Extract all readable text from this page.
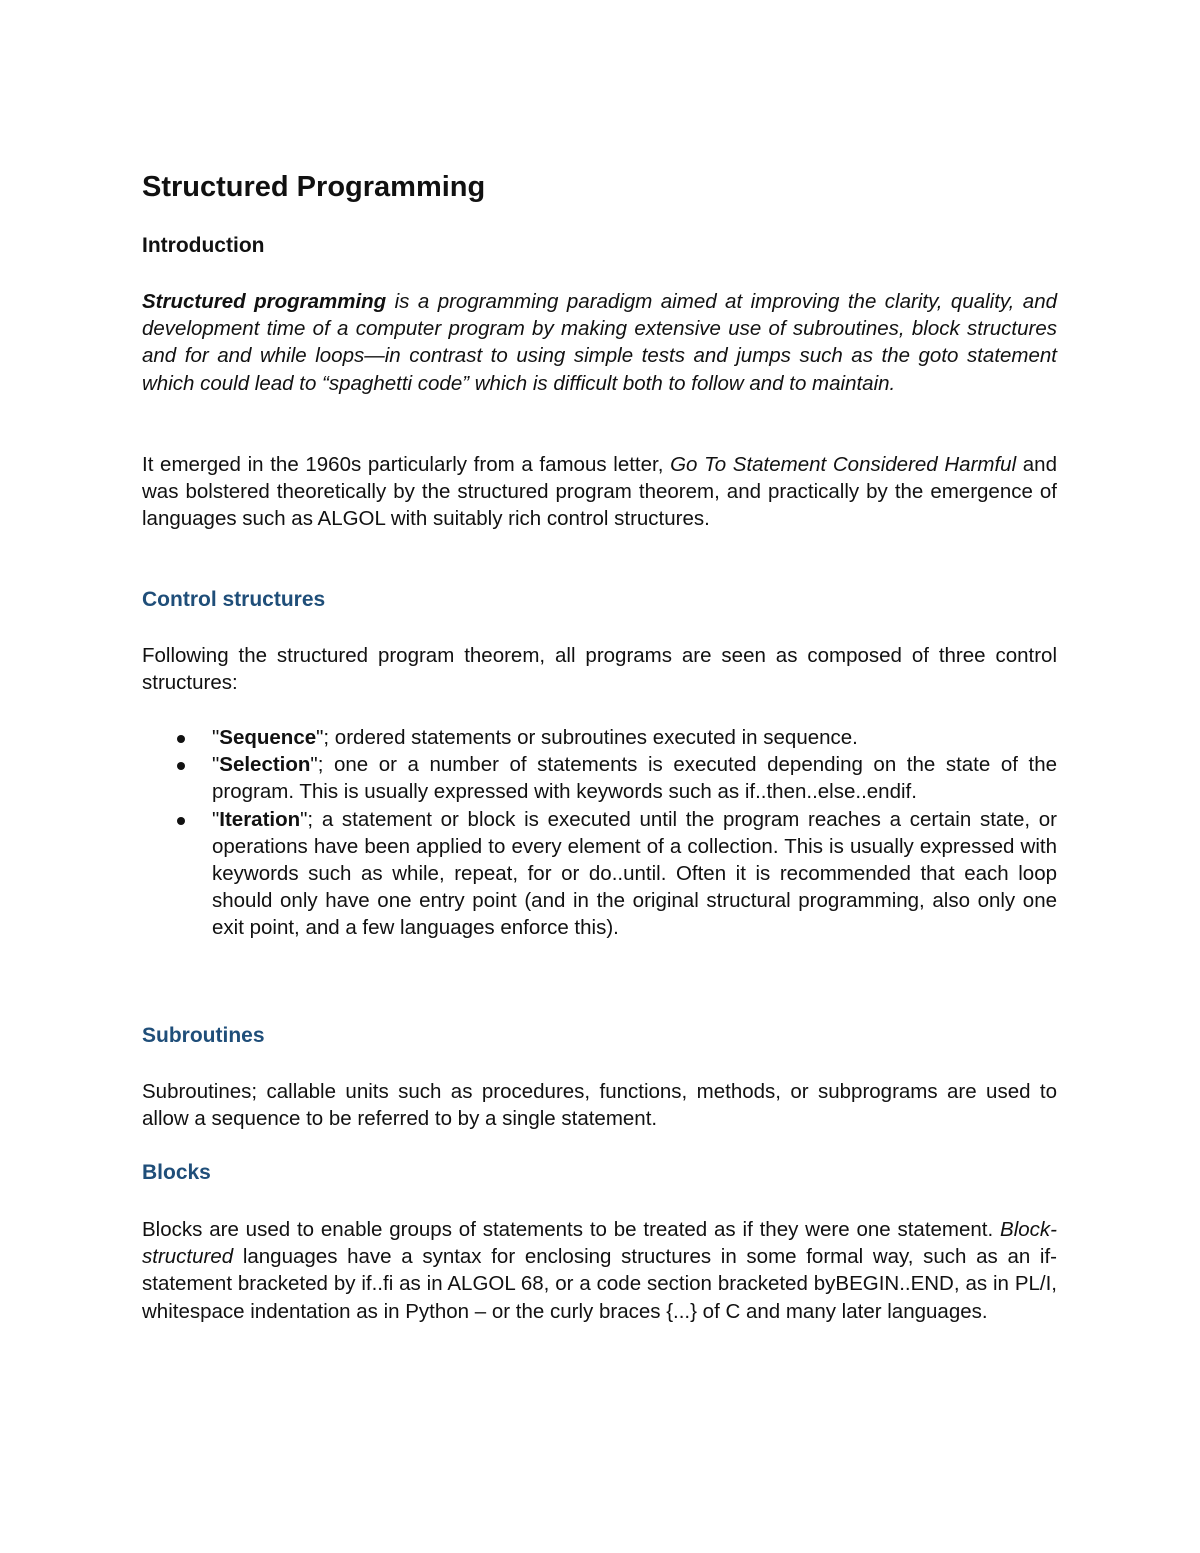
Structured Programming
Introduction

Structured programming is a programming paradigm aimed at improving the clarity, quality, and development time of a computer program by making extensive use of subroutines, block structures and for and while loops—in contrast to using simple tests and jumps such as the goto statement which could lead to “spaghetti code” which is difficult both to follow and to maintain.

It emerged in the 1960s particularly from a famous letter, Go To Statement Considered Harmful and was bolstered theoretically by the structured program theorem, and practically by the emergence of languages such as ALGOL with suitably rich control structures.

Control structures

Following the structured program theorem, all programs are seen as composed of three control structures:

"Sequence"; ordered statements or subroutines executed in sequence.
"Selection"; one or a number of statements is executed depending on the state of the program. This is usually expressed with keywords such as if..then..else..endif.
"Iteration"; a statement or block is executed until the program reaches a certain state, or operations have been applied to every element of a collection. This is usually expressed with keywords such as while, repeat, for or do..until. Often it is recommended that each loop should only have one entry point (and in the original structural programming, also only one exit point, and a few languages enforce this).
Subroutines

Subroutines; callable units such as procedures, functions, methods, or subprograms are used to allow a sequence to be referred to by a single statement.

Blocks

Blocks are used to enable groups of statements to be treated as if they were one statement. Block-structured languages have a syntax for enclosing structures in some formal way, such as an if-statement bracketed by if..fi as in ALGOL 68, or a code section bracketed byBEGIN..END, as in PL/I, whitespace indentation as in Python – or the curly braces {...} of C and many later languages.
